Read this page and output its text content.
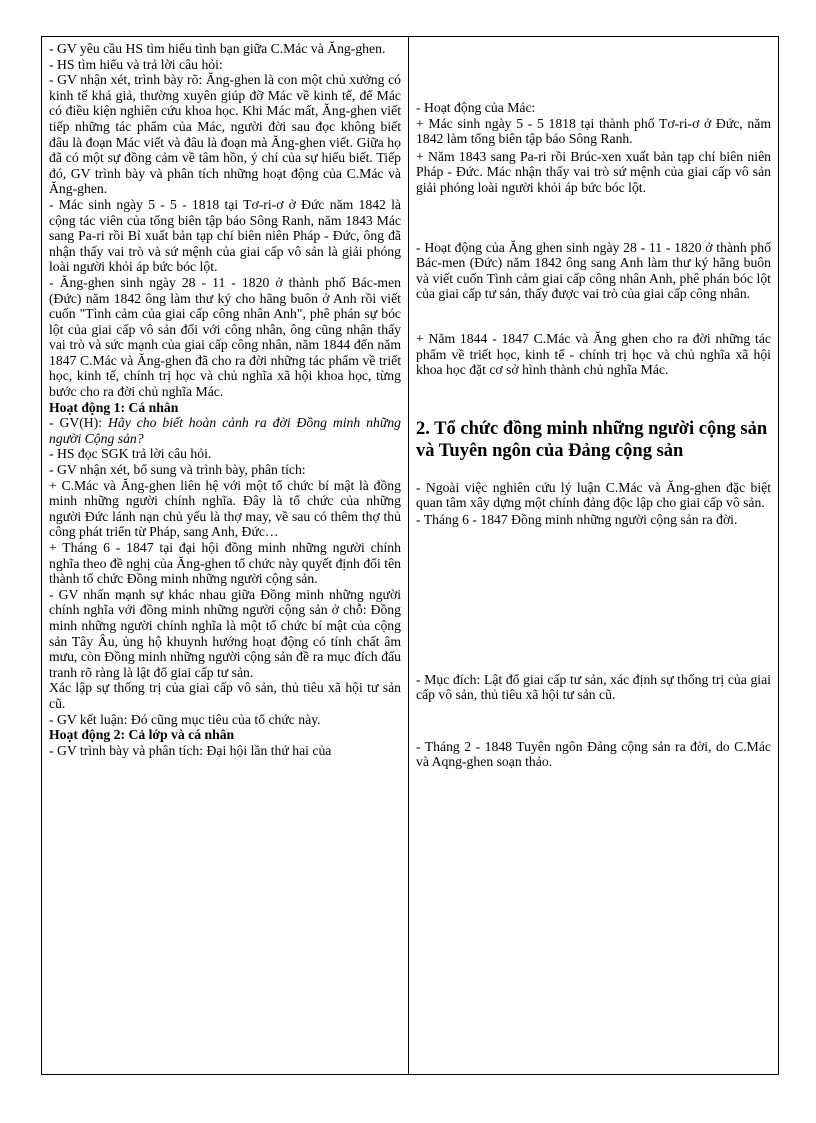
- GV yêu cầu HS tìm hiểu tình bạn giữa C.Mác và Ăng-ghen.

- HS tìm hiểu và trả lời câu hỏi:

- GV nhận xét, trình bày rõ: Ăng-ghen là con một chủ xưởng có kinh tế khá giả, thường xuyên giúp đỡ Mác về kinh tế, để Mác có điều kiện nghiên cứu khoa học. Khi Mác mất, Ăng-ghen viết tiếp những tác phẩm của Mác, người đời sau đọc không biết đâu là đoạn Mác viết và đâu là đoạn mà Ăng-ghen viết. Giữa họ đã có một sự đồng cảm về tâm hồn, ý chí của sự hiểu biết. Tiếp đó, GV trình bày và phân tích những hoạt động của C.Mác và Ăng-ghen.

- Mác sinh ngày 5 - 5 - 1818 tại Tơ-ri-ơ ở Đức năm 1842 là cộng tác viên của tổng biên tập báo Sông Ranh, năm 1843 Mác sang Pa-ri rồi Bỉ xuất bản tạp chí biên niên Pháp - Đức, ông đã nhận thấy vai trò và sứ mệnh của giai cấp vô sản là giải phóng loài người khỏi áp bức bóc lột.

- Ăng-ghen sinh ngày 28 - 11 - 1820 ở thành phố Bác-men (Đức) năm 1842 ông làm thư ký cho hãng buôn ở Anh rồi viết cuốn "Tình cảm của giai cấp công nhân Anh", phê phán sự bóc lột của giai cấp vô sản đối với công nhân, ông cũng nhận thấy vai trò và sức mạnh của giai cấp công nhân, năm 1844 đến năm 1847 C.Mác và Ăng-ghen đã cho ra đời những tác phẩm về triết học, kinh tế, chính trị học và chủ nghĩa xã hội khoa học, từng bước cho ra đời chủ nghĩa Mác.

Hoạt động 1: Cá nhân

- GV(H): Hãy cho biết hoàn cảnh ra đời Đồng minh những người Cộng sản?

- HS đọc SGK trả lời câu hỏi.

- GV nhận xét, bổ sung và trình bày, phân tích:

+ C.Mác và Ăng-ghen liên hệ với một tổ chức bí mật là đồng minh những người chính nghĩa. Đây là tổ chức của những người Đức lánh nạn chủ yếu là thợ may, về sau có thêm thợ thủ công phát triển từ Pháp, sang Anh, Đức…

+ Tháng 6 - 1847 tại đại hội đồng minh những người chính nghĩa theo đề nghị của Ăng-ghen tổ chức này quyết định đổi tên thành tổ chức Đồng minh những người cộng sản.

- GV nhấn mạnh sự khác nhau giữa Đồng minh những người chính nghĩa với đồng minh những người cộng sản ở chỗ: Đồng minh những người chính nghĩa là một tổ chức bí mật của cộng sản Tây Âu, ủng hộ khuynh hướng hoạt động có tính chất âm mưu, còn Đồng minh những người cộng sản đề ra mục đích đấu tranh rõ ràng là lật đổ giai cấp tư sản.

Xác lập sự thống trị của giai cấp vô sản, thủ tiêu xã hội tư sản cũ.

- GV kết luận: Đó cũng mục tiêu của tổ chức này.

Hoạt động 2: Cả lớp và cá nhân

- GV trình bày và phân tích: Đại hội lần thứ hai của

- Hoạt động của Mác:

+ Mác sinh ngày 5 - 5 1818 tại thành phố Tơ-ri-ơ ở Đức, năm 1842 làm tổng biên tập báo Sông Ranh.

+ Năm 1843 sang Pa-ri rồi Brúc-xen xuất bản tạp chí biên niên Pháp - Đức. Mác nhận thấy vai trò sứ mệnh của giai cấp vô sản giải phóng loài người khỏi áp bức bóc lột.

- Hoạt động của Ăng ghen sinh ngày 28 - 11 - 1820 ở thành phố Bác-men (Đức) năm 1842 ông sang Anh làm thư ký hãng buôn và viết cuốn Tình cảm giai cấp công nhân Anh, phê phán bóc lột của giai cấp tư sản, thấy được vai trò của giai cấp công nhân.

+ Năm 1844 - 1847 C.Mác và Ăng ghen cho ra đời những tác phẩm về triết học, kinh tế - chính trị học và chủ nghĩa xã hội khoa học đặt cơ sở hình thành chủ nghĩa Mác.

2. Tổ chức đồng minh những người cộng sản và Tuyên ngôn của Đảng cộng sản

- Ngoài việc nghiên cứu lý luận C.Mác và Ăng-ghen đặc biệt quan tâm xây dựng một chính đảng độc lập cho giai cấp vô sản.

- Tháng 6 - 1847 Đồng minh những người cộng sản ra đời.

- Mục đích: Lật đổ giai cấp tư sản, xác định sự thống trị của giai cấp vô sản, thủ tiêu xã hội tư sản cũ.

- Tháng 2 - 1848 Tuyên ngôn Đảng cộng sản ra đời, do C.Mác và Aqng-ghen soạn thảo.
